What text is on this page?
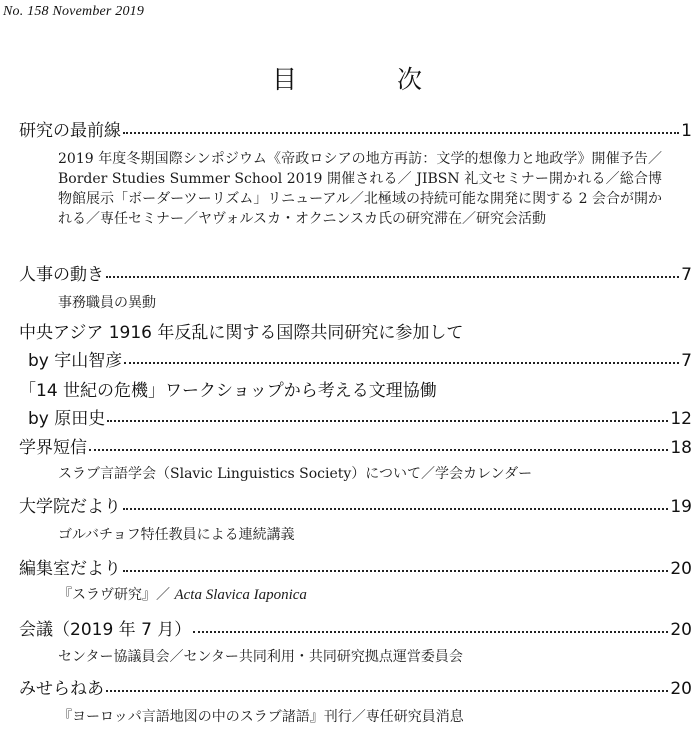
No. 158 November 2019
目 次
研究の最前線	1
2019 年度冬期国際シンポジウム《帝政ロシアの地方再訪：文学的想像力と地政学》開催予告／ Border Studies Summer School 2019 開催される／ JIBSN 礼文セミナー開かれる／総合博物館展示「ボーダーツーリズム」リニューアル／北極域の持続可能な開発に関する 2 会合が開かれる／専任セミナー／ヤヴォルスカ・オクニンスカ氏の研究滞在／研究会活動
人事の動き	7
事務職員の異動
中央アジア 1916 年反乱に関する国際共同研究に参加して
by 宇山智彦	7
「14 世紀の危機」ワークショップから考える文理協働
by 原田史	12
学界短信	18
スラブ言語学会（Slavic Linguistics Society）について／学会カレンダー
大学院だより	19
ゴルバチョフ特任教員による連続講義
編集室だより	20
『スラヴ研究』／ Acta Slavica Iaponica
会議（2019 年 7 月）	20
センター協議員会／センター共同利用・共同研究拠点運営委員会
みせらねあ	20
『ヨーロッパ言語地図の中のスラブ諸語』刊行／専任研究員消息
